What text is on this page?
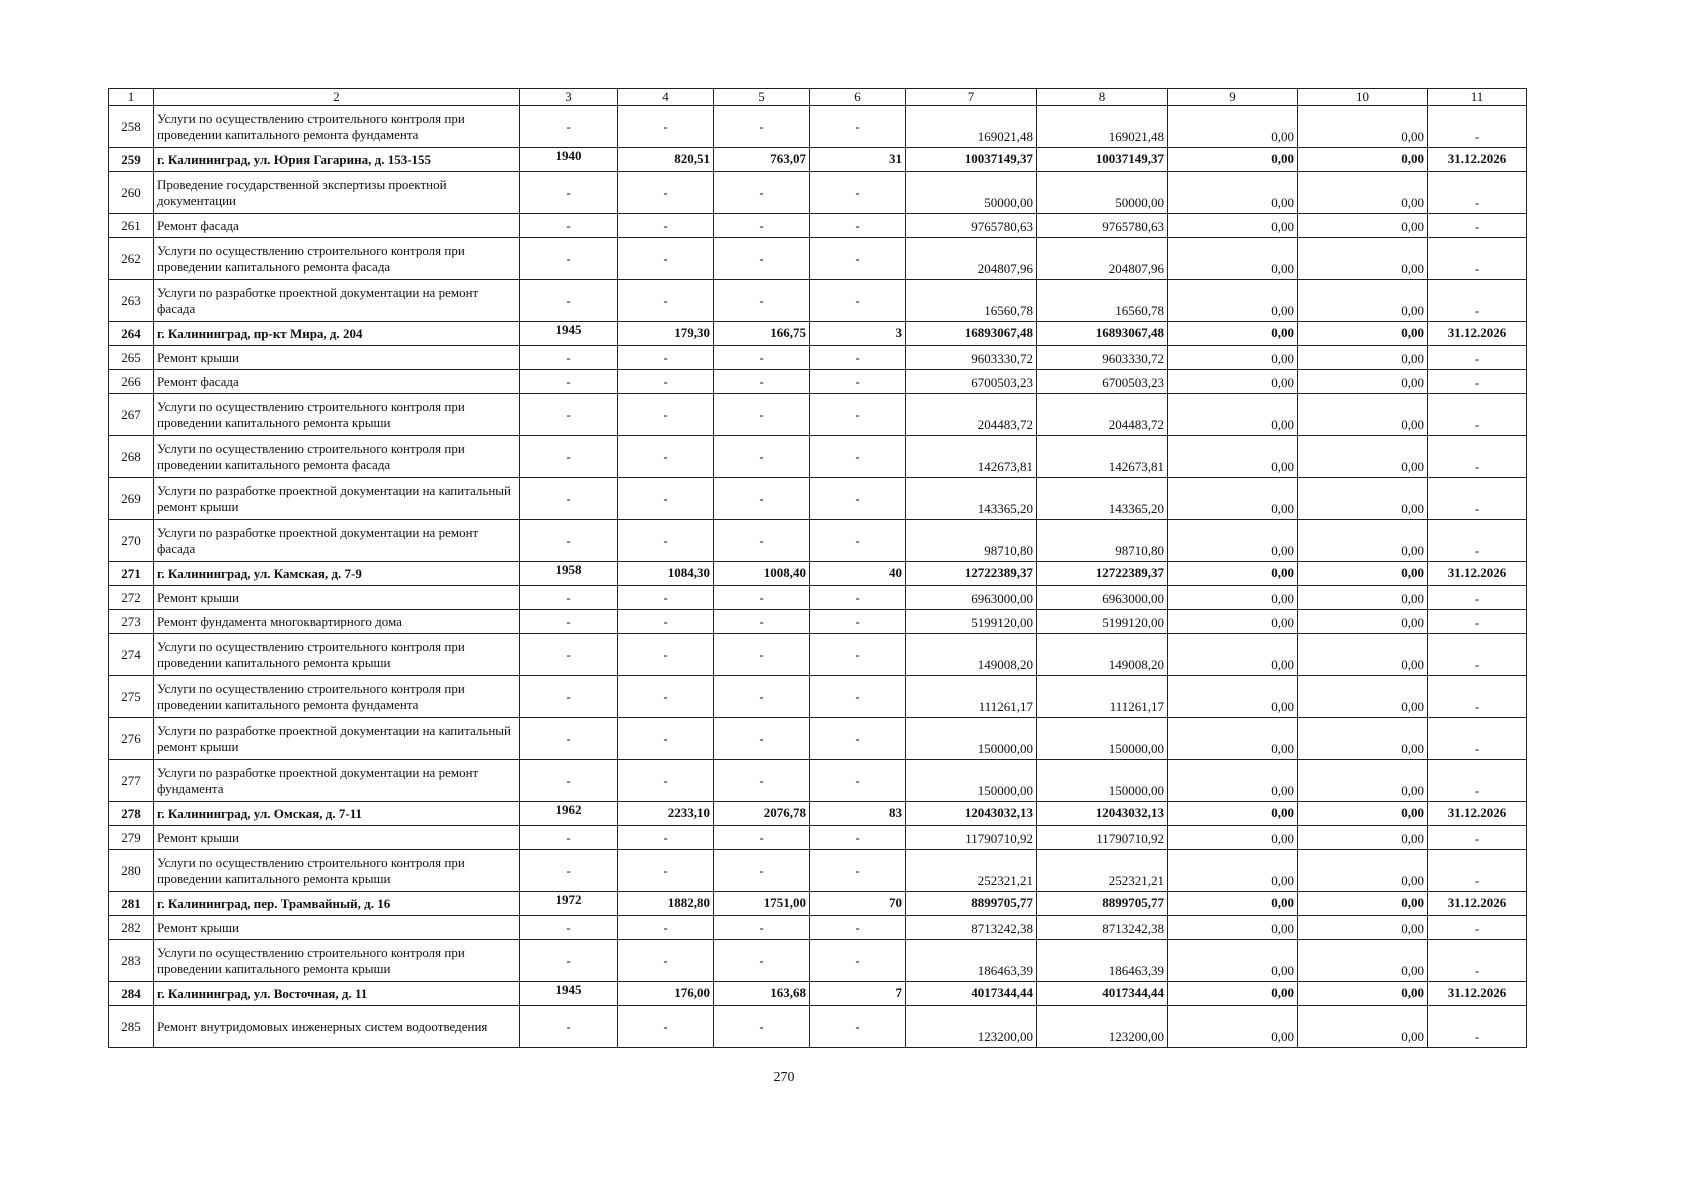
1	2	3	4	5	6	7	8	9	10	11
258	Услуги по осуществлению строительного контроля при проведении капитального ремонта фундамента	-	-	-	-	169021,48	169021,48	0,00	0,00	-
259	г. Калининград, ул. Юрия Гагарина, д. 153-155	1940	820,51	763,07	31	10037149,37	10037149,37	0,00	0,00	31.12.2026
260	Проведение государственной экспертизы проектной документации	-	-	-	-	50000,00	50000,00	0,00	0,00	-
261	Ремонт фасада	-	-	-	-	9765780,63	9765780,63	0,00	0,00	-
262	Услуги по осуществлению строительного контроля при проведении капитального ремонта фасада	-	-	-	-	204807,96	204807,96	0,00	0,00	-
263	Услуги по разработке проектной документации на ремонт фасада	-	-	-	-	16560,78	16560,78	0,00	0,00	-
264	г. Калининград, пр-кт Мира, д. 204	1945	179,30	166,75	3	16893067,48	16893067,48	0,00	0,00	31.12.2026
265	Ремонт крыши	-	-	-	-	9603330,72	9603330,72	0,00	0,00	-
266	Ремонт фасада	-	-	-	-	6700503,23	6700503,23	0,00	0,00	-
267	Услуги по осуществлению строительного контроля при проведении капитального ремонта крыши	-	-	-	-	204483,72	204483,72	0,00	0,00	-
268	Услуги по осуществлению строительного контроля при проведении капитального ремонта фасада	-	-	-	-	142673,81	142673,81	0,00	0,00	-
269	Услуги по разработке проектной документации на капитальный ремонт крыши	-	-	-	-	143365,20	143365,20	0,00	0,00	-
270	Услуги по разработке проектной документации на ремонт фасада	-	-	-	-	98710,80	98710,80	0,00	0,00	-
271	г. Калининград, ул. Камская, д. 7-9	1958	1084,30	1008,40	40	12722389,37	12722389,37	0,00	0,00	31.12.2026
272	Ремонт крыши	-	-	-	-	6963000,00	6963000,00	0,00	0,00	-
273	Ремонт фундамента многоквартирного дома	-	-	-	-	5199120,00	5199120,00	0,00	0,00	-
274	Услуги по осуществлению строительного контроля при проведении капитального ремонта крыши	-	-	-	-	149008,20	149008,20	0,00	0,00	-
275	Услуги по осуществлению строительного контроля при проведении капитального ремонта фундамента	-	-	-	-	111261,17	111261,17	0,00	0,00	-
276	Услуги по разработке проектной документации на капитальный ремонт крыши	-	-	-	-	150000,00	150000,00	0,00	0,00	-
277	Услуги по разработке проектной документации на ремонт фундамента	-	-	-	-	150000,00	150000,00	0,00	0,00	-
278	г. Калининград, ул. Омская, д. 7-11	1962	2233,10	2076,78	83	12043032,13	12043032,13	0,00	0,00	31.12.2026
279	Ремонт крыши	-	-	-	-	11790710,92	11790710,92	0,00	0,00	-
280	Услуги по осуществлению строительного контроля при проведении капитального ремонта крыши	-	-	-	-	252321,21	252321,21	0,00	0,00	-
281	г. Калининград, пер. Трамвайный, д. 16	1972	1882,80	1751,00	70	8899705,77	8899705,77	0,00	0,00	31.12.2026
282	Ремонт крыши	-	-	-	-	8713242,38	8713242,38	0,00	0,00	-
283	Услуги по осуществлению строительного контроля при проведении капитального ремонта крыши	-	-	-	-	186463,39	186463,39	0,00	0,00	-
284	г. Калининград, ул. Восточная, д. 11	1945	176,00	163,68	7	4017344,44	4017344,44	0,00	0,00	31.12.2026
285	Ремонт внутридомовых инженерных систем водоотведения	-	-	-	-	123200,00	123200,00	0,00	0,00	-
270
